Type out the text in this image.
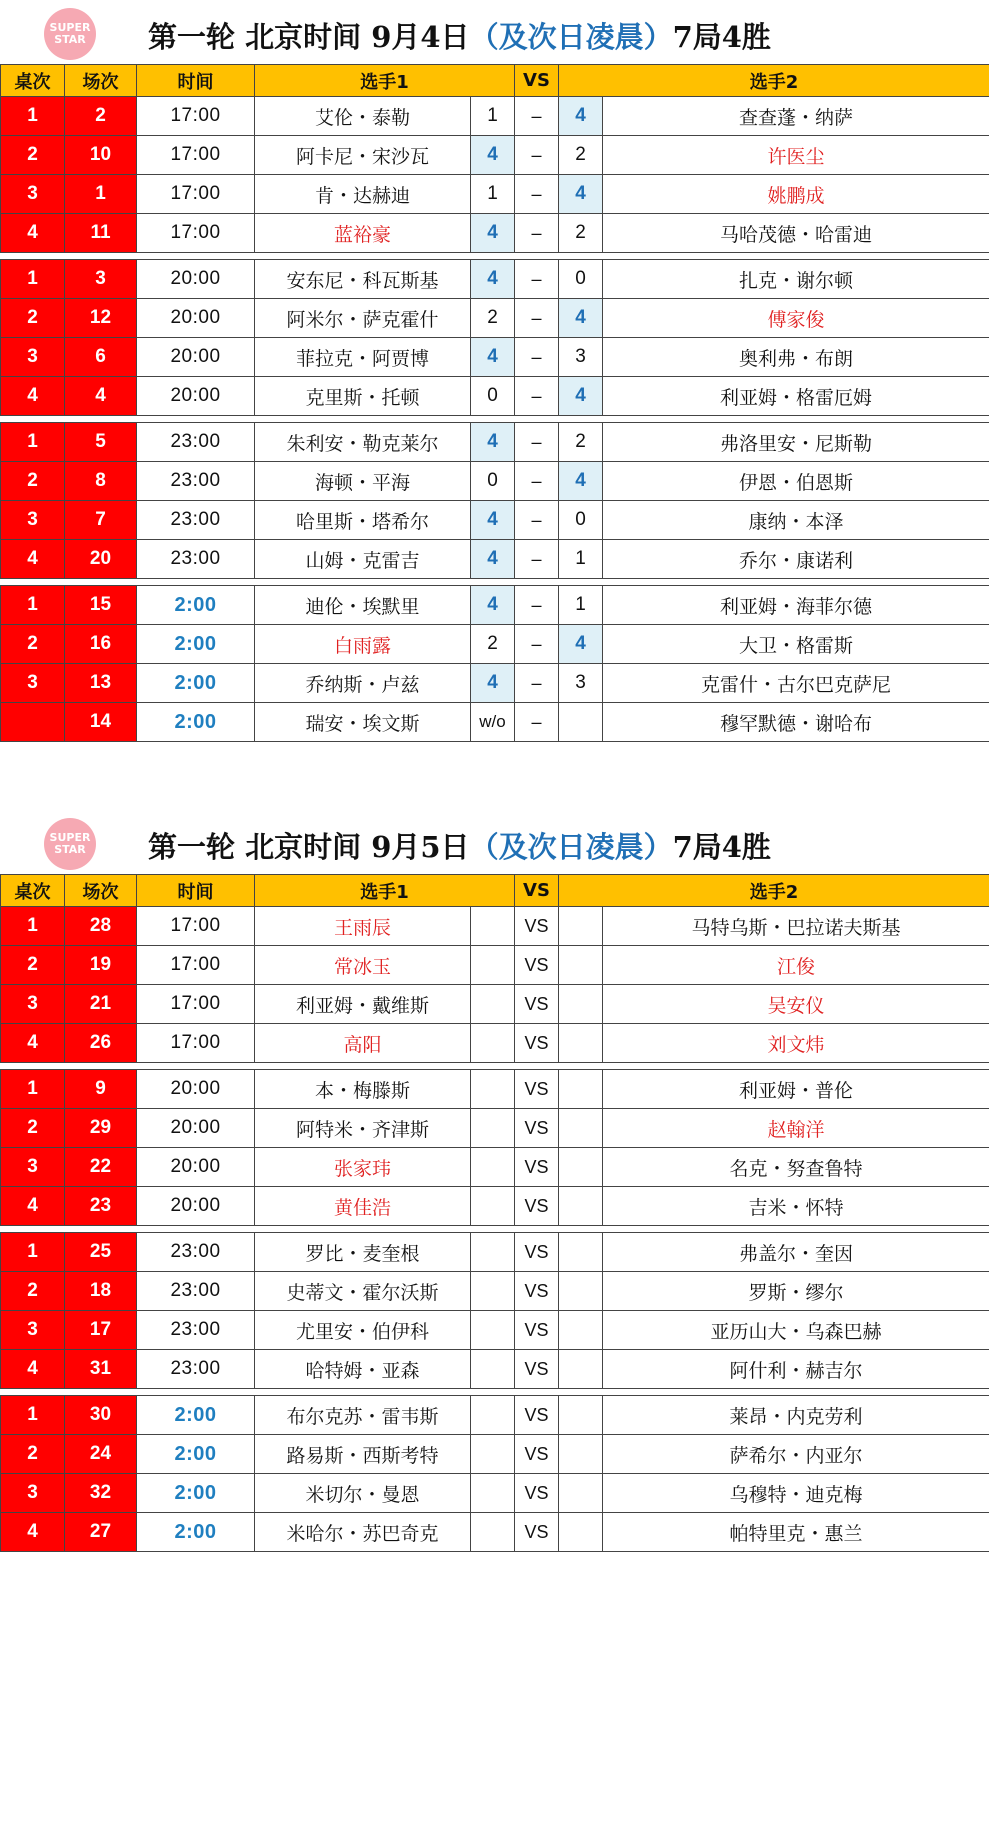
SUPER STAR	第一轮 北京时间 9月4日（及次日凌晨）7局4胜
桌次	场次	时间	选手1		VS	选手2	
1	2	17:00	艾伦・泰勒	1	–	4	查查蓬・纳萨
2	10	17:00	阿卡尼・宋沙瓦	4	–	2	许医尘
3	1	17:00	肯・达赫迪	1	–	4	姚鹏成
4	11	17:00	蓝裕豪	4	–	2	马哈茂德・哈雷迪

1	3	20:00	安东尼・科瓦斯基	4	–	0	扎克・谢尔顿
2	12	20:00	阿米尔・萨克霍什	2	–	4	傅家俊
3	6	20:00	菲拉克・阿贾博	4	–	3	奥利弗・布朗
4	4	20:00	克里斯・托顿	0	–	4	利亚姆・格雷厄姆

1	5	23:00	朱利安・勒克莱尔	4	–	2	弗洛里安・尼斯勒
2	8	23:00	海顿・平海	0	–	4	伊恩・伯恩斯
3	7	23:00	哈里斯・塔希尔	4	–	0	康纳・本泽
4	20	23:00	山姆・克雷吉	4	–	1	乔尔・康诺利

1	15	2:00	迪伦・埃默里	4	–	1	利亚姆・海菲尔德
2	16	2:00	白雨露	2	–	4	大卫・格雷斯
3	13	2:00	乔纳斯・卢兹	4	–	3	克雷什・古尔巴克萨尼
	14	2:00	瑞安・埃文斯	w/o	–		穆罕默德・谢哈布
SUPER STAR	第一轮 北京时间 9月5日（及次日凌晨）7局4胜
桌次	场次	时间	选手1		VS	选手2	
1	28	17:00	王雨辰		VS		马特乌斯・巴拉诺夫斯基
2	19	17:00	常冰玉		VS		江俊
3	21	17:00	利亚姆・戴维斯		VS		吴安仪
4	26	17:00	高阳		VS		刘文炜

1	9	20:00	本・梅滕斯		VS		利亚姆・普伦
2	29	20:00	阿特米・齐津斯		VS		赵翰洋
3	22	20:00	张家玮		VS		名克・努查鲁特
4	23	20:00	黄佳浩		VS		吉米・怀特

1	25	23:00	罗比・麦奎根		VS		弗盖尔・奎因
2	18	23:00	史蒂文・霍尔沃斯		VS		罗斯・缪尔
3	17	23:00	尤里安・伯伊科		VS		亚历山大・乌森巴赫
4	31	23:00	哈特姆・亚森		VS		阿什利・赫吉尔

1	30	2:00	布尔克苏・雷韦斯		VS		莱昂・内克劳利
2	24	2:00	路易斯・西斯考特		VS		萨希尔・内亚尔
3	32	2:00	米切尔・曼恩		VS		乌穆特・迪克梅
4	27	2:00	米哈尔・苏巴奇克		VS		帕特里克・惠兰
